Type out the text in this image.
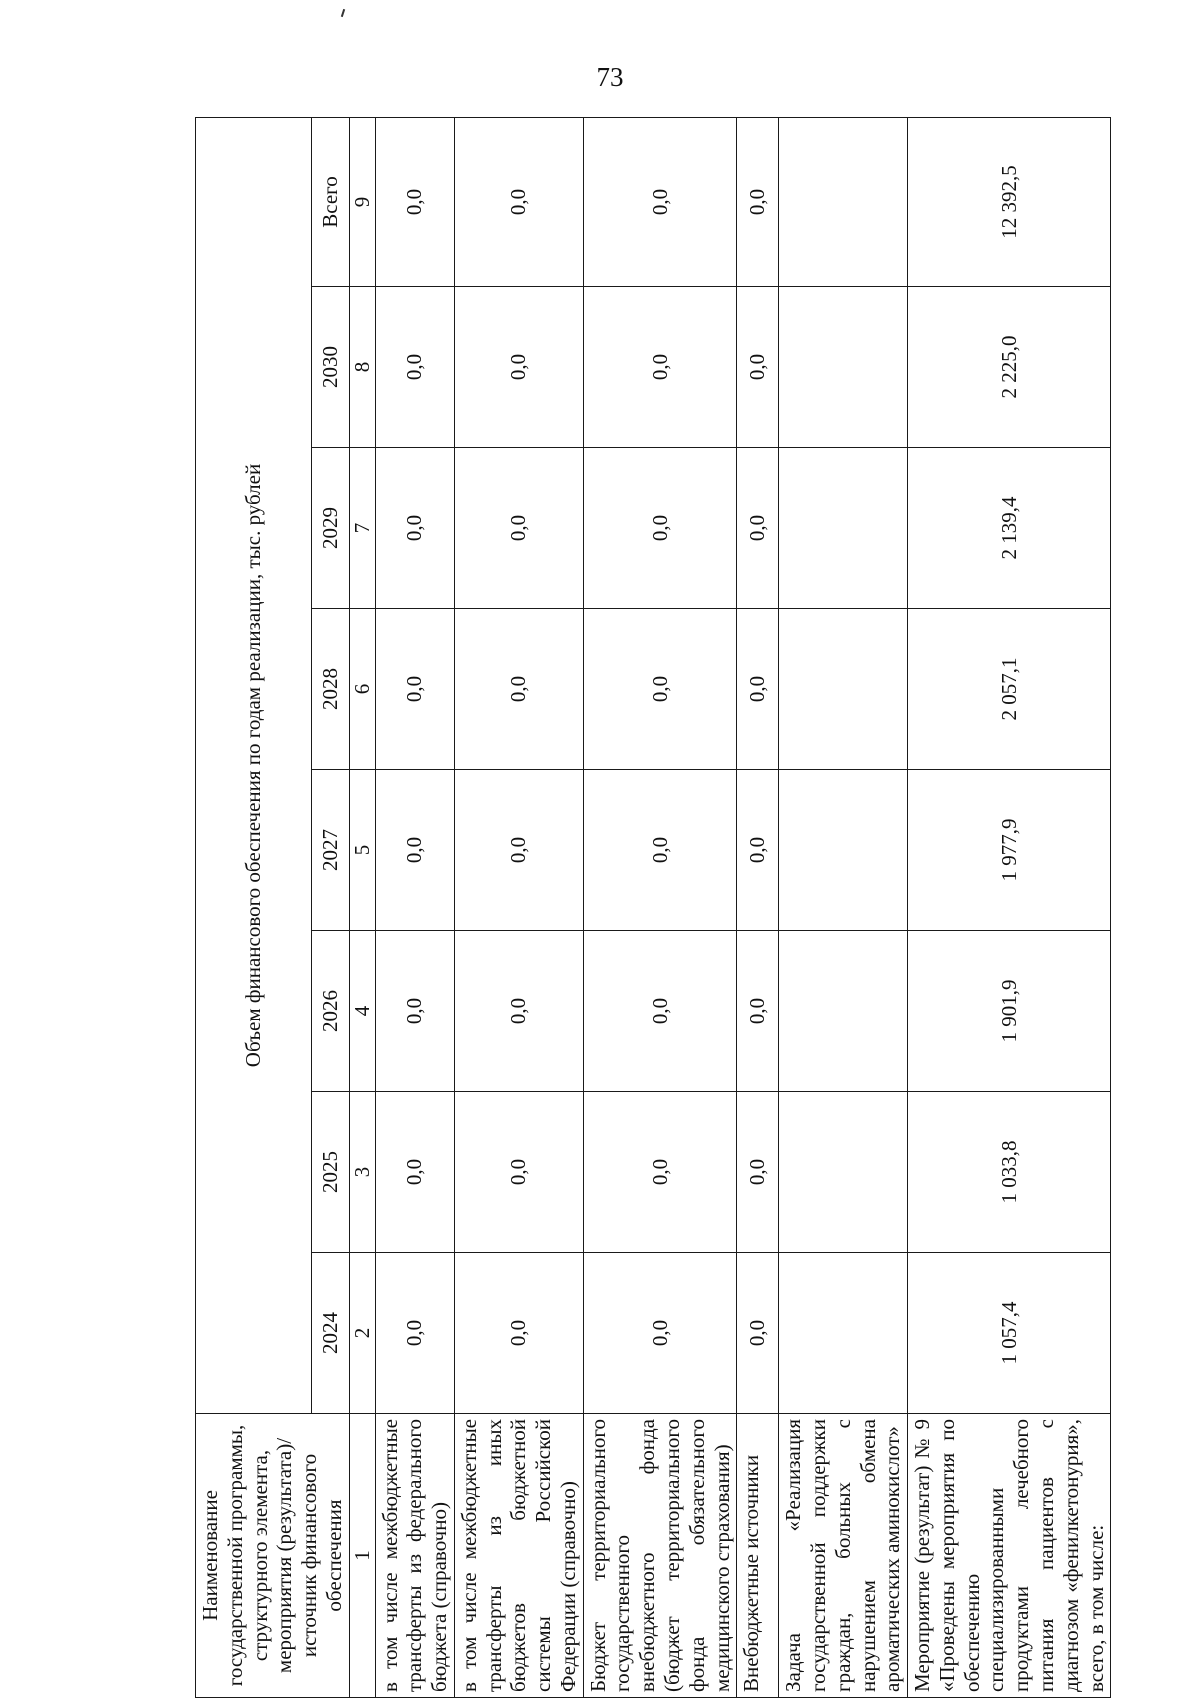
73
Наименование государственной программы, структурного элемента, мероприятия (результата)/источник финансового обеспечения	Объем финансового обеспечения по годам реализации, тыс. рублей							
	2024	2025	2026	2027	2028	2029	2030	Всего
1	2	3	4	5	6	7	8	9
в том числе межбюджетные трансферты из федерального бюджета (справочно)	0,0	0,0	0,0	0,0	0,0	0,0	0,0	0,0
в том числе межбюджетные трансферты из иных бюджетов бюджетной системы Российской Федерации (справочно)	0,0	0,0	0,0	0,0	0,0	0,0	0,0	0,0
Бюджет территориального государственного внебюджетного фонда (бюджет территориального фонда обязательного медицинского страхования)	0,0	0,0	0,0	0,0	0,0	0,0	0,0	0,0
Внебюджетные источники	0,0	0,0	0,0	0,0	0,0	0,0	0,0	0,0
Задача «Реализация государственной поддержки граждан, больных с нарушением обмена ароматических аминокислот»								
Мероприятие (результат) № 9 «Проведены мероприятия по обеспечению специализированными продуктами лечебного питания пациентов с диагнозом «фенилкетонурия», всего, в том числе:	1 057,4	1 033,8	1 901,9	1 977,9	2 057,1	2 139,4	2 225,0	12 392,5
